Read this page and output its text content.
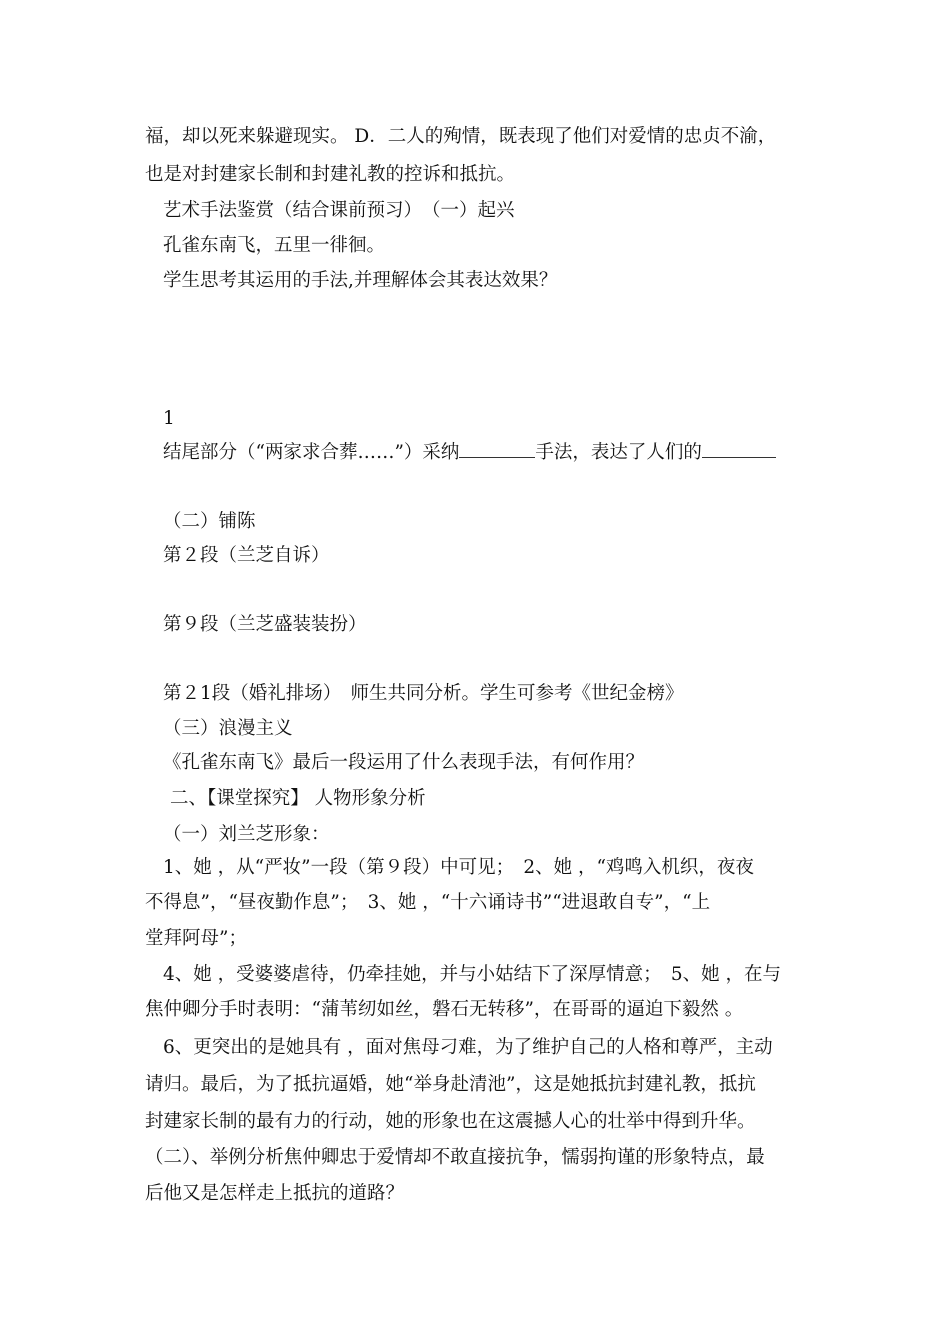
福，却以死来躲避现实。 D．二人的殉情，既表现了他们对爱情的忠贞不渝，
也是对封建家长制和封建礼教的控诉和抵抗。
艺术手法鉴赏（结合课前预习）　（一）起兴
孔雀东南飞，五里一徘徊。
学生思考其运用的手法,并理解体会其表达效果？
1
结尾部分（“两家求合葬……”）采纳	手法，表达了人们的
（二）铺陈
第２段（兰芝自诉）
第９段（兰芝盛装装扮）
第２1段（婚礼排场）　师生共同分析。学生可参考《世纪金榜》
（三）浪漫主义
《孔雀东南飞》最后一段运用了什么表现手法，有何作用？
二、【课堂探究】 人物形象分析
（一）刘兰芝形象：
1、她 ，从“严妆”一段（第９段）中可见；　2、她 ，“鸡鸣入机织，夜夜
不得息”，“昼夜勤作息”；　3、她 ，“十六诵诗书”“进退敢自专”，“上
堂拜阿母”；
4、她 ，受婆婆虐待，仍牵挂她，并与小姑结下了深厚情意；　5、她 ，在与
焦仲卿分手时表明：“蒲苇纫如丝，磐石无转移”，在哥哥的逼迫下毅然 。
6、更突出的是她具有 ，面对焦母刁难，为了维护自己的人格和尊严，主动
请归。最后，为了抵抗逼婚，她“举身赴清池”，这是她抵抗封建礼教，抵抗
封建家长制的最有力的行动，她的形象也在这震撼人心的壮举中得到升华。
（二）、举例分析焦仲卿忠于爱情却不敢直接抗争，懦弱拘谨的形象特点，最
后他又是怎样走上抵抗的道路？
